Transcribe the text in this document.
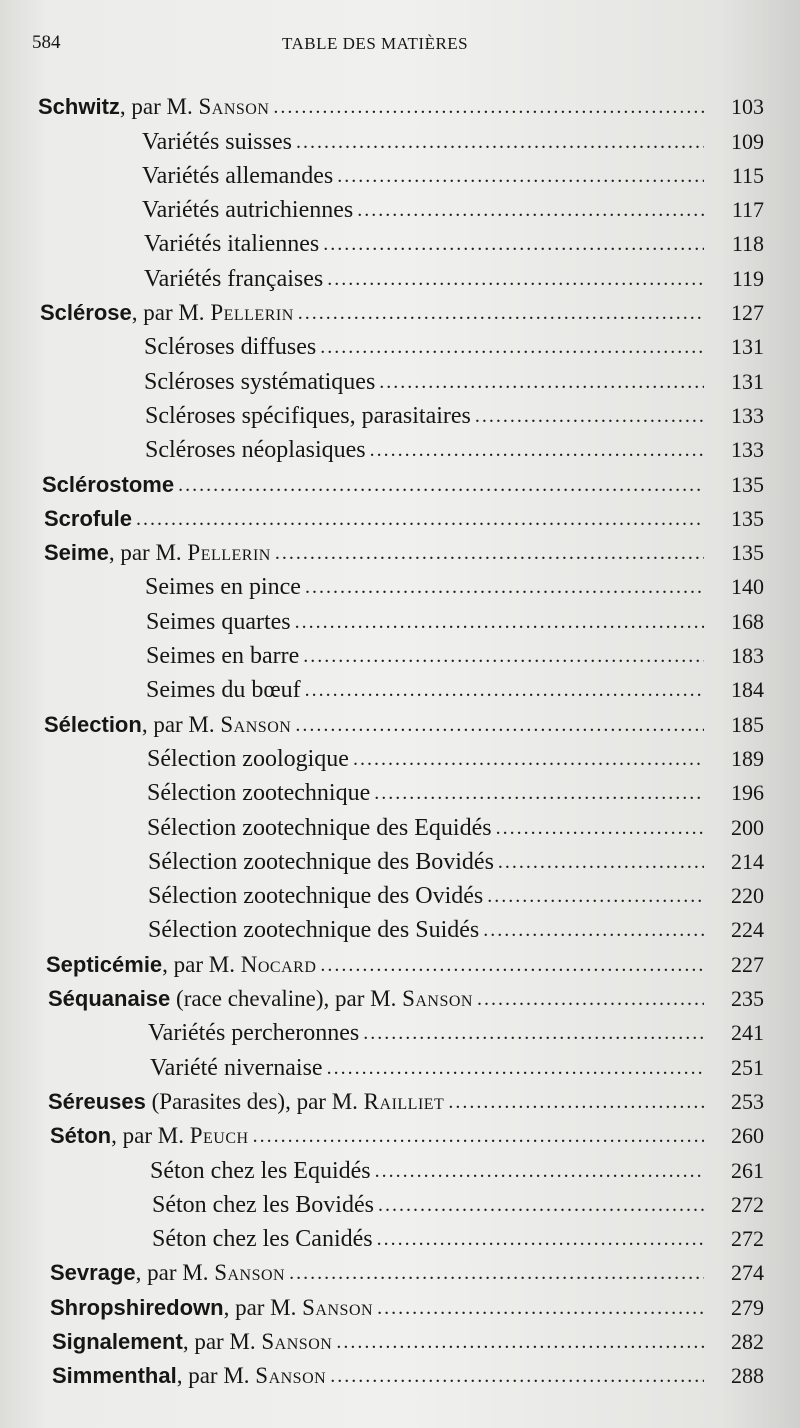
584	TABLE DES MATIÈRES
Schwitz, par M. Sanson .....	103
Variétés suisses .....	109
Variétés allemandes .....	115
Variétés autrichiennes .....	117
Variétés italiennes .....	118
Variétés françaises .....	119
Sclérose, par M. Pellerin .....	127
Scléroses diffuses .....	131
Scléroses systématiques .....	131
Scléroses spécifiques, parasitaires .....	133
Scléroses néoplasiques .....	133
Sclérostome .....	135
Scrofule .....	135
Seime, par M. Pellerin .....	135
Seimes en pince .....	140
Seimes quartes .....	168
Seimes en barre .....	183
Seimes du bœuf .....	184
Sélection, par M. Sanson .....	185
Sélection zoologique .....	189
Sélection zootechnique .....	196
Sélection zootechnique des Equidés .....	200
Sélection zootechnique des Bovidés .....	214
Sélection zootechnique des Ovidés .....	220
Sélection zootechnique des Suidés .....	224
Septicémie, par M. Nocard .....	227
Séquanaise (race chevaline), par M. Sanson .....	235
Variétés percheronnes .....	241
Variété nivernaise .....	251
Séreuses (Parasites des), par M. Railliet .....	253
Séton, par M. Peuch .....	260
Séton chez les Equidés .....	261
Séton chez les Bovidés .....	272
Séton chez les Canidés .....	272
Sevrage, par M. Sanson .....	274
Shropshiredown, par M. Sanson .....	279
Signalement, par M. Sanson .....	282
Simmenthal, par M. Sanson .....	288
